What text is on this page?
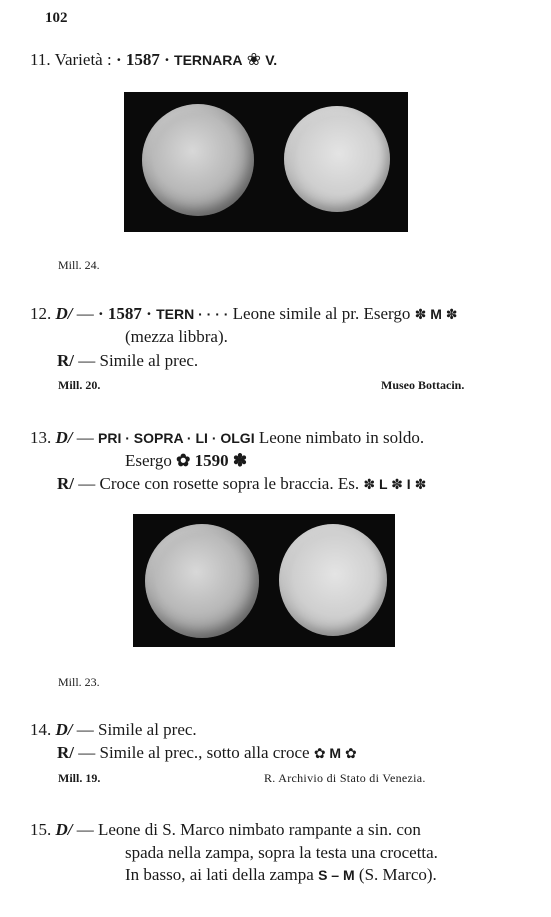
102
11. Varietà : · 1587 · TERNARA ❀ V.
Mill. 24.
12. D/ — · 1587 · TERN · · · · Leone simile al pr. Esergo ✽ M ✽
(mezza libbra).
R/ — Simile al prec.
Mill. 20.	Museo Bottacin.
13. D/ — PRI · SOPRA · LI · OLGI Leone nimbato in soldo.
Esergo ✿ 1590 ✽
R/ — Croce con rosette sopra le braccia. Es. ✽ L ✽ I ✽
Mill. 23.
14. D/ — Simile al prec.
R/ — Simile al prec., sotto alla croce ✿ M ✿
Mill. 19.	R. Archivio di Stato di Venezia.
15. D/ — Leone di S. Marco nimbato rampante a sin. con
spada nella zampa, sopra la testa una crocetta.
In basso, ai lati della zampa S – M (S. Marco).
